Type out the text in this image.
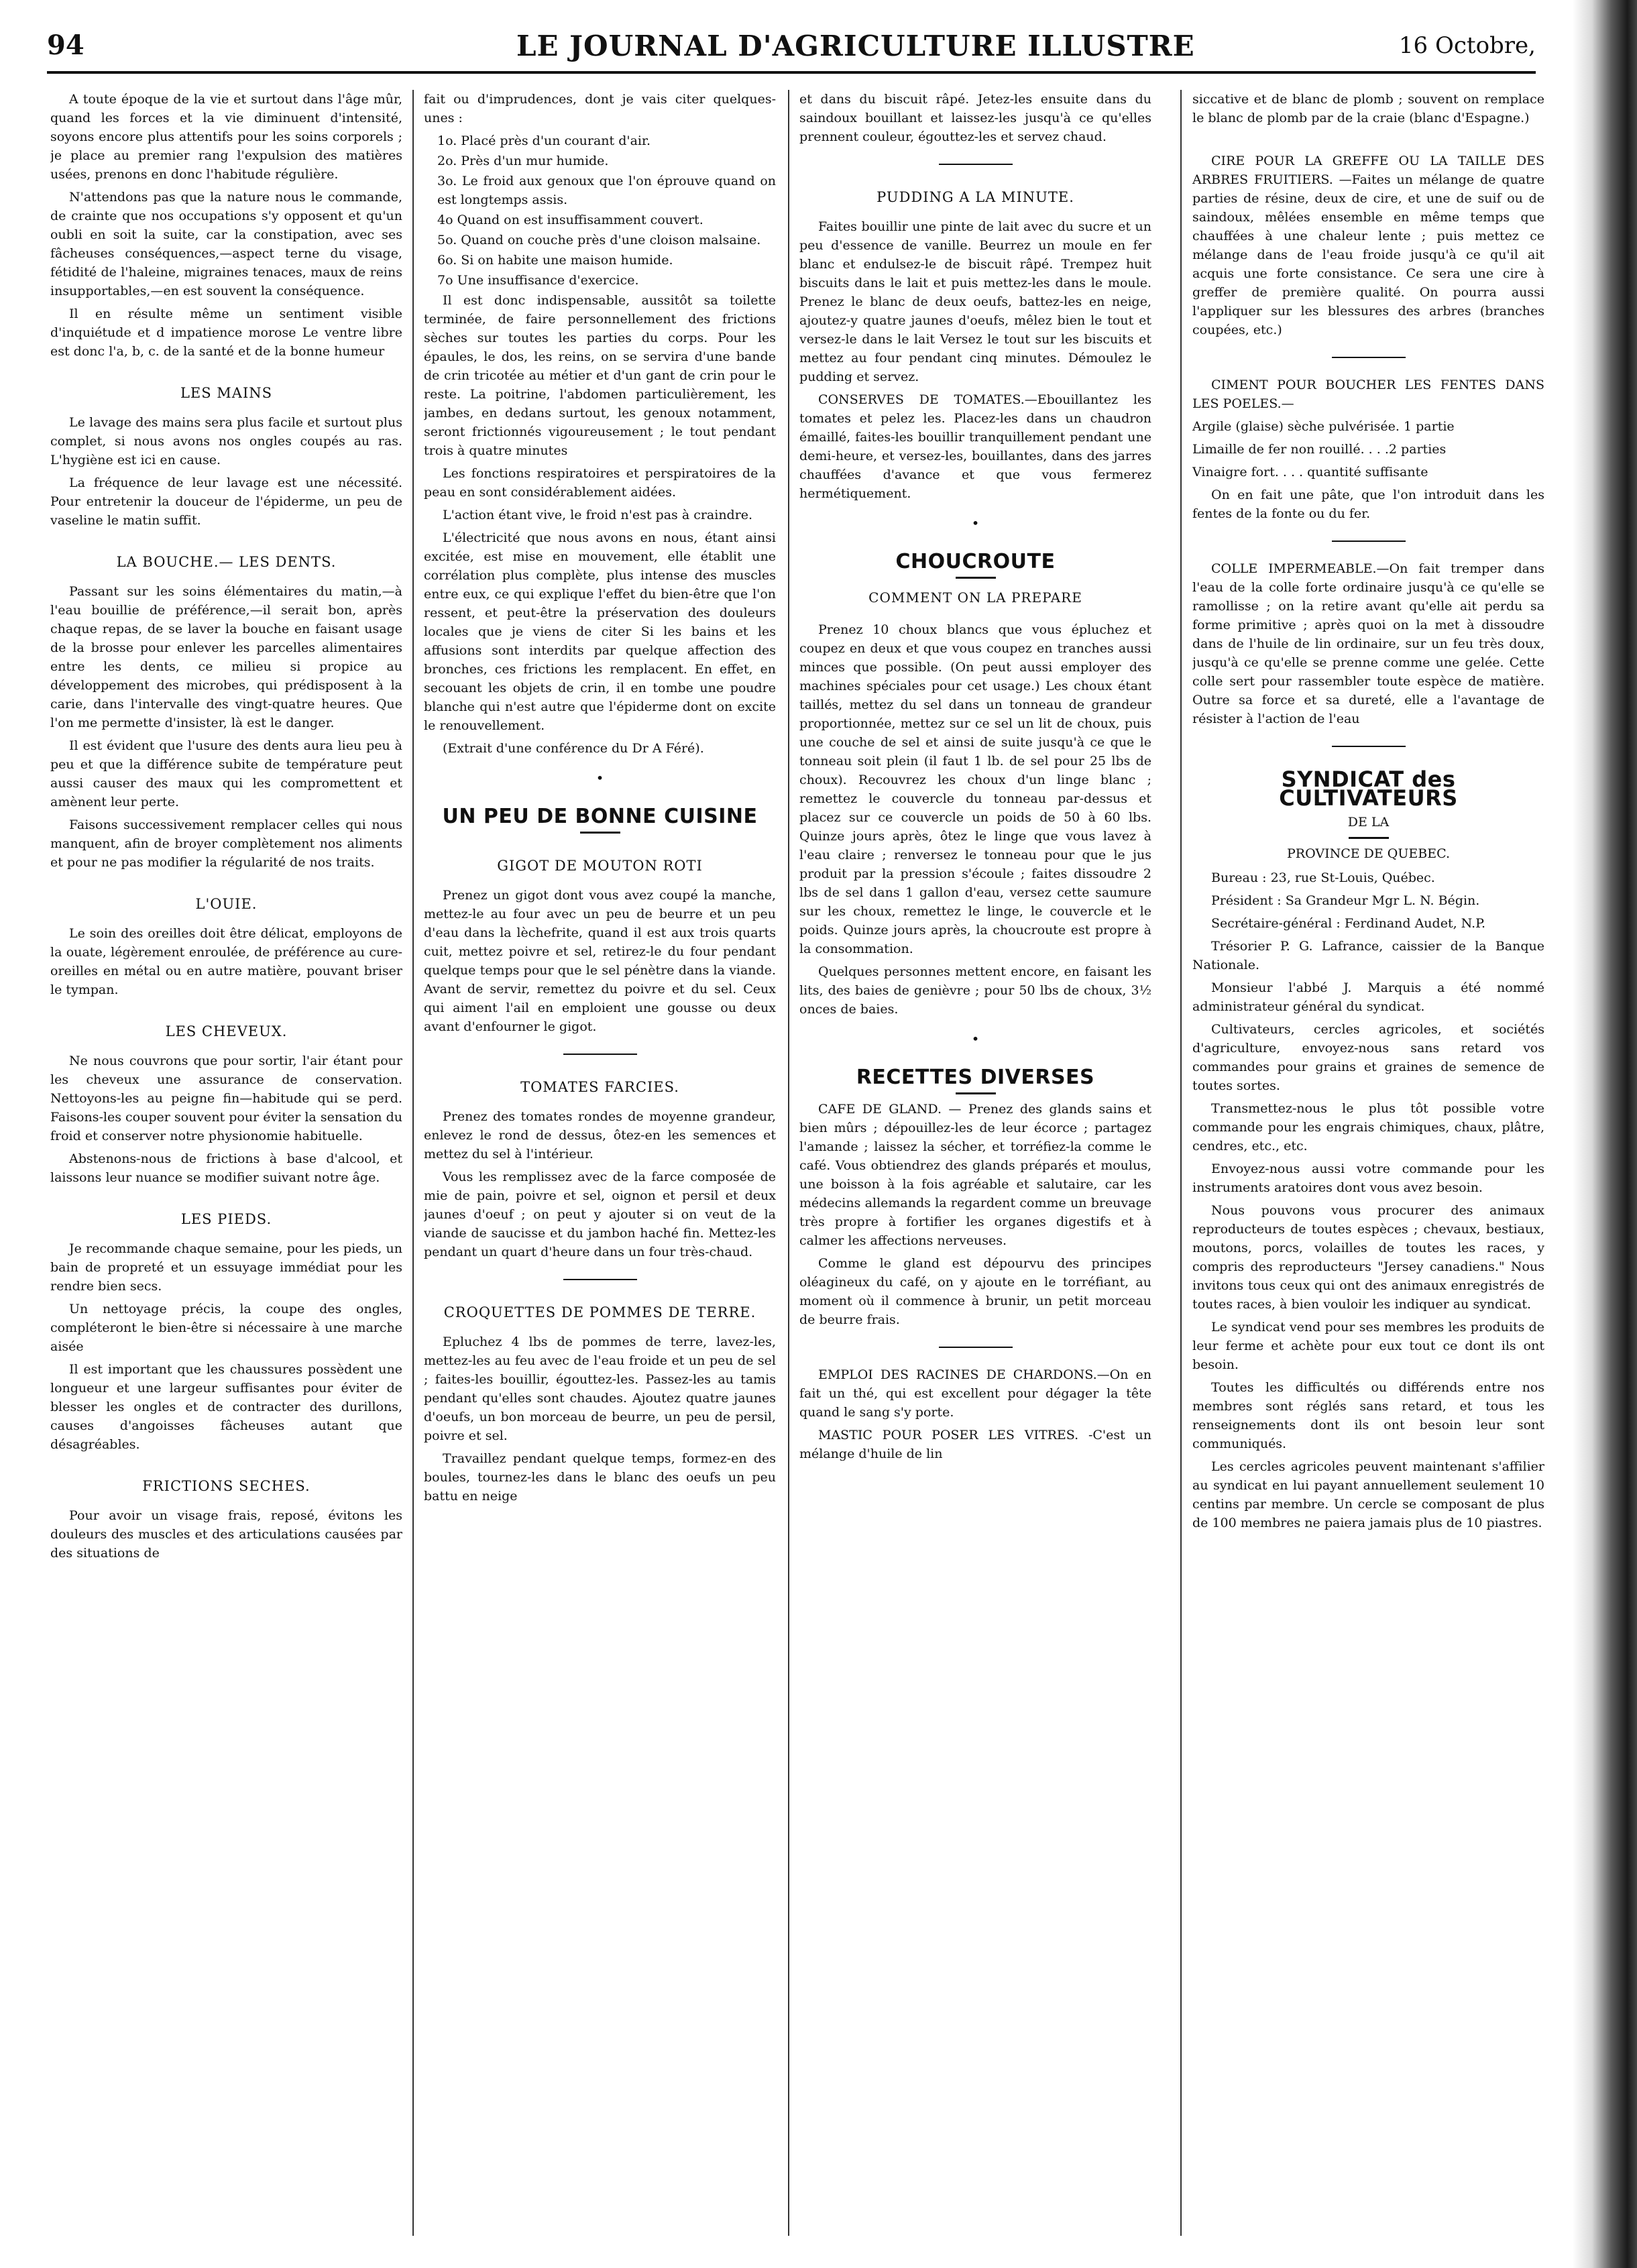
94	LE JOURNAL D'AGRICULTURE ILLUSTRE	16 Octobre,

A toute époque de la vie et surtout dans l'âge mûr, quand les forces et la vie diminuent d'intensité, soyons encore plus attentifs pour les soins corporels ; je place au premier rang l'expulsion des matières usées, prenons en donc l'habitude régulière.

N'attendons pas que la nature nous le commande, de crainte que nos occupations s'y opposent et qu'un oubli en soit la suite, car la constipation, avec ses fâcheuses conséquences,—aspect terne du visage, fétidité de l'haleine, migraines tenaces, maux de reins insupportables,—en est souvent la conséquence.

Il en résulte même un sentiment visible d'inquiétude et d impatience morose Le ventre libre est donc l'a, b, c. de la santé et de la bonne humeur

LES MAINS

Le lavage des mains sera plus facile et surtout plus complet, si nous avons nos ongles coupés au ras. L'hygiène est ici en cause.

La fréquence de leur lavage est une nécessité. Pour entretenir la douceur de l'épiderme, un peu de vaseline le matin suffit.

LA BOUCHE.— LES DENTS.

Passant sur les soins élémentaires du matin,—à l'eau bouillie de préférence,—il serait bon, après chaque repas, de se laver la bouche en faisant usage de la brosse pour enlever les parcelles alimentaires entre les dents, ce milieu si propice au développement des microbes, qui prédisposent à la carie, dans l'intervalle des vingt-quatre heures. Que l'on me permette d'insister, là est le danger.

Il est évident que l'usure des dents aura lieu peu à peu et que la différence subite de température peut aussi causer des maux qui les compromettent et amènent leur perte.

Faisons successivement remplacer celles qui nous manquent, afin de broyer complètement nos aliments et pour ne pas modifier la régularité de nos traits.

L'OUIE.

Le soin des oreilles doit être délicat, employons de la ouate, légèrement enroulée, de préférence au cure-oreilles en métal ou en autre matière, pouvant briser le tympan.

LES CHEVEUX.

Ne nous couvrons que pour sortir, l'air étant pour les cheveux une assurance de conservation. Nettoyons-les au peigne fin—habitude qui se perd. Faisons-les couper souvent pour éviter la sensation du froid et conserver notre physionomie habituelle.

Abstenons-nous de frictions à base d'alcool, et laissons leur nuance se modifier suivant notre âge.

LES PIEDS.

Je recommande chaque semaine, pour les pieds, un bain de propreté et un essuyage immédiat pour les rendre bien secs.

Un nettoyage précis, la coupe des ongles, compléteront le bien-être si nécessaire à une marche aisée

Il est important que les chaussures possèdent une longueur et une largeur suffisantes pour éviter de blesser les ongles et de contracter des durillons, causes d'angoisses fâcheuses autant que désagréables.

FRICTIONS SECHES.

Pour avoir un visage frais, reposé, évitons les douleurs des muscles et des articulations causées par des situations de

fait ou d'imprudences, dont je vais citer quelques-unes :

1o. Placé près d'un courant d'air.

2o. Près d'un mur humide.

3o. Le froid aux genoux que l'on éprouve quand on est longtemps assis.

4o Quand on est insuffisamment couvert.

5o. Quand on couche près d'une cloison malsaine.

6o. Si on habite une maison humide.

7o Une insuffisance d'exercice.

Il est donc indispensable, aussitôt sa toilette terminée, de faire personnellement des frictions sèches sur toutes les parties du corps. Pour les épaules, le dos, les reins, on se servira d'une bande de crin tricotée au métier et d'un gant de crin pour le reste. La poitrine, l'abdomen particulièrement, les jambes, en dedans surtout, les genoux notamment, seront frictionnés vigoureusement ; le tout pendant trois à quatre minutes

Les fonctions respiratoires et perspiratoires de la peau en sont considérablement aidées.

L'action étant vive, le froid n'est pas à craindre.

L'électricité que nous avons en nous, étant ainsi excitée, est mise en mouvement, elle établit une corrélation plus complète, plus intense des muscles entre eux, ce qui explique l'effet du bien-être que l'on ressent, et peut-être la préservation des douleurs locales que je viens de citer Si les bains et les affusions sont interdits par quelque affection des bronches, ces frictions les remplacent. En effet, en secouant les objets de crin, il en tombe une poudre blanche qui n'est autre que l'épiderme dont on excite le renouvellement.

(Extrait d'une conférence du Dr A Féré).

•
UN PEU DE BONNE CUISINE
GIGOT DE MOUTON ROTI

Prenez un gigot dont vous avez coupé la manche, mettez-le au four avec un peu de beurre et un peu d'eau dans la lèchefrite, quand il est aux trois quarts cuit, mettez poivre et sel, retirez-le du four pendant quelque temps pour que le sel pénètre dans la viande. Avant de servir, remettez du poivre et du sel. Ceux qui aiment l'ail en emploient une gousse ou deux avant d'enfourner le gigot.

TOMATES FARCIES.

Prenez des tomates rondes de moyenne grandeur, enlevez le rond de dessus, ôtez-en les semences et mettez du sel à l'intérieur.

Vous les remplissez avec de la farce composée de mie de pain, poivre et sel, oignon et persil et deux jaunes d'oeuf ; on peut y ajouter si on veut de la viande de saucisse et du jambon haché fin. Mettez-les pendant un quart d'heure dans un four très-chaud.

CROQUETTES DE POMMES DE TERRE.

Epluchez 4 lbs de pommes de terre, lavez-les, mettez-les au feu avec de l'eau froide et un peu de sel ; faites-les bouillir, égouttez-les. Passez-les au tamis pendant qu'elles sont chaudes. Ajoutez quatre jaunes d'oeufs, un bon morceau de beurre, un peu de persil, poivre et sel.

Travaillez pendant quelque temps, formez-en des boules, tournez-les dans le blanc des oeufs un peu battu en neige

et dans du biscuit râpé. Jetez-les ensuite dans du saindoux bouillant et laissez-les jusqu'à ce qu'elles prennent couleur, égouttez-les et servez chaud.

PUDDING A LA MINUTE.

Faites bouillir une pinte de lait avec du sucre et un peu d'essence de vanille. Beurrez un moule en fer blanc et endulsez-le de biscuit râpé. Trempez huit biscuits dans le lait et puis mettez-les dans le moule. Prenez le blanc de deux oeufs, battez-les en neige, ajoutez-y quatre jaunes d'oeufs, mêlez bien le tout et versez-le dans le lait Versez le tout sur les biscuits et mettez au four pendant cinq minutes. Démoulez le pudding et servez.

CONSERVES DE TOMATES.—Ebouillantez les tomates et pelez les. Placez-les dans un chaudron émaillé, faites-les bouillir tranquillement pendant une demi-heure, et versez-les, bouillantes, dans des jarres chauffées d'avance et que vous fermerez hermétiquement.

•
CHOUCROUTE
COMMENT ON LA PREPARE

Prenez 10 choux blancs que vous épluchez et coupez en deux et que vous coupez en tranches aussi minces que possible. (On peut aussi employer des machines spéciales pour cet usage.) Les choux étant taillés, mettez du sel dans un tonneau de grandeur proportionnée, mettez sur ce sel un lit de choux, puis une couche de sel et ainsi de suite jusqu'à ce que le tonneau soit plein (il faut 1 lb. de sel pour 25 lbs de choux). Recouvrez les choux d'un linge blanc ; remettez le couvercle du tonneau par-dessus et placez sur ce couvercle un poids de 50 à 60 lbs. Quinze jours après, ôtez le linge que vous lavez à l'eau claire ; renversez le tonneau pour que le jus produit par la pression s'écoule ; faites dissoudre 2 lbs de sel dans 1 gallon d'eau, versez cette saumure sur les choux, remettez le linge, le couvercle et le poids. Quinze jours après, la choucroute est propre à la consommation.

Quelques personnes mettent encore, en faisant les lits, des baies de genièvre ; pour 50 lbs de choux, 3½ onces de baies.

•
RECETTES DIVERSES

CAFE DE GLAND. — Prenez des glands sains et bien mûrs ; dépouillez-les de leur écorce ; partagez l'amande ; laissez la sécher, et torréfiez-la comme le café. Vous obtiendrez des glands préparés et moulus, une boisson à la fois agréable et salutaire, car les médecins allemands la regardent comme un breuvage très propre à fortifier les organes digestifs et à calmer les affections nerveuses.

Comme le gland est dépourvu des principes oléagineux du café, on y ajoute en le torréfiant, au moment où il commence à brunir, un petit morceau de beurre frais.

EMPLOI DES RACINES DE CHARDONS.—On en fait un thé, qui est excellent pour dégager la tête quand le sang s'y porte.

MASTIC POUR POSER LES VITRES. -C'est un mélange d'huile de lin

siccative et de blanc de plomb ; souvent on remplace le blanc de plomb par de la craie (blanc d'Espagne.)

CIRE POUR LA GREFFE OU LA TAILLE DES ARBRES FRUITIERS. —Faites un mélange de quatre parties de résine, deux de cire, et une de suif ou de saindoux, mêlées ensemble en même temps que chauffées à une chaleur lente ; puis mettez ce mélange dans de l'eau froide jusqu'à ce qu'il ait acquis une forte consistance. Ce sera une cire à greffer de première qualité. On pourra aussi l'appliquer sur les blessures des arbres (branches coupées, etc.)

CIMENT POUR BOUCHER LES FENTES DANS LES POELES.—

Argile (glaise) sèche pulvérisée. 1 partie

Limaille de fer non rouillé. . . .2 parties

Vinaigre fort. . . . quantité suffisante

On en fait une pâte, que l'on introduit dans les fentes de la fonte ou du fer.

COLLE IMPERMEABLE.—On fait tremper dans l'eau de la colle forte ordinaire jusqu'à ce qu'elle se ramollisse ; on la retire avant qu'elle ait perdu sa forme primitive ; après quoi on la met à dissoudre dans de l'huile de lin ordinaire, sur un feu très doux, jusqu'à ce qu'elle se prenne comme une gelée. Cette colle sert pour rassembler toute espèce de matière. Outre sa force et sa dureté, elle a l'avantage de résister à l'action de l'eau

SYNDICAT des CULTIVATEURS
DE LA
PROVINCE DE QUEBEC.

Bureau : 23, rue St-Louis, Québec.

Président : Sa Grandeur Mgr L. N. Bégin.

Secrétaire-général : Ferdinand Audet, N.P.

Trésorier P. G. Lafrance, caissier de la Banque Nationale.

Monsieur l'abbé J. Marquis a été nommé administrateur général du syndicat.

Cultivateurs, cercles agricoles, et sociétés d'agriculture, envoyez-nous sans retard vos commandes pour grains et graines de semence de toutes sortes.

Transmettez-nous le plus tôt possible votre commande pour les engrais chimiques, chaux, plâtre, cendres, etc., etc.

Envoyez-nous aussi votre commande pour les instruments aratoires dont vous avez besoin.

Nous pouvons vous procurer des animaux reproducteurs de toutes espèces ; chevaux, bestiaux, moutons, porcs, volailles de toutes les races, y compris des reproducteurs "Jersey canadiens." Nous invitons tous ceux qui ont des animaux enregistrés de toutes races, à bien vouloir les indiquer au syndicat.

Le syndicat vend pour ses membres les produits de leur ferme et achète pour eux tout ce dont ils ont besoin.

Toutes les difficultés ou différends entre nos membres sont réglés sans retard, et tous les renseignements dont ils ont besoin leur sont communiqués.

Les cercles agricoles peuvent maintenant s'affilier au syndicat en lui payant annuellement seulement 10 centins par membre. Un cercle se composant de plus de 100 membres ne paiera jamais plus de 10 piastres.
